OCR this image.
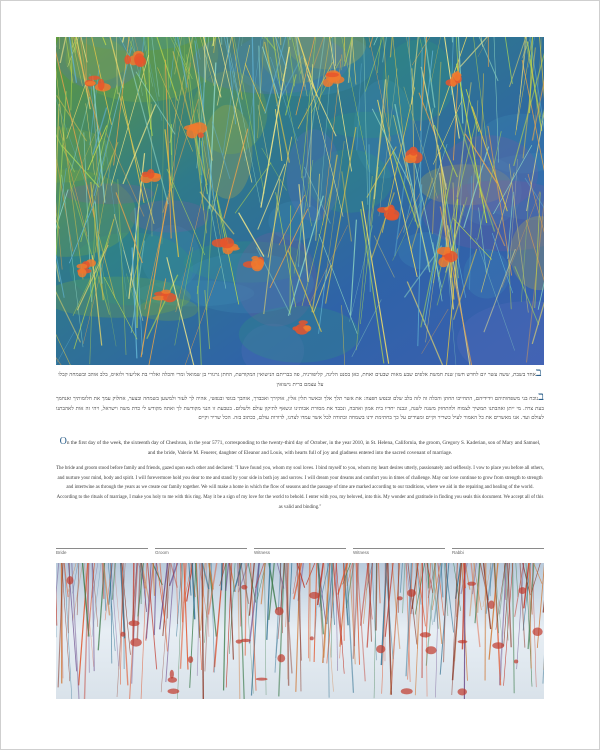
באחד בשבת, ששה עשר יום לחדש חשון שנת חמשת אלפים שבע מאות שבעים ואחת, כאן בסנט הלינה, קליפורניה, פה בבריתם הנישואין המקודשת, החתן גרגורי בן שמואל ומרי והכלה ואלרי בת אליעזר ולואיס, בלב אוהב ובשמחה קבלו על עצמם ברית נישואין

בנוכח בני משפחותיהם וידידיהם, התחייבו החתן והכלה זה לזה בלב שלם ובנפש חפצה: את אשר תלך אלך ובאשר תלין אלין, אוקירך ואכבדך, אוהבך בגופי ובנפשי, אהיה לך לעזר ולמשען בשמחה ובצער, אחלוק עמך את חלומותיך ואנחמך בעת צרה. מי ייתן ואהבתנו תמשיך לצמוח ולהתחזק משנה לשנה, ונבנה יחדיו בית אמון ואהבה, ונכבד את מסורת אבותינו ונשאף לתיקון עולם ולשלום. בטבעת זו הנני מקודשת לך ואתה מקודש לי כדת משה וישראל, ויהי זה אות לאהבתנו לעולם ועד. אנו מאשרים את כל האמור לעיל כשריר וקיים ומעידים על כך בחתימת ידנו בשמחה ובתודה לכל אשר עמדו לצדנו, לדורות עולם, ככתוב בזה. הכל שריר וקיים

On the first day of the week, the sixteenth day of Cheshvan, in the year 5771, corresponding to the twenty-third day of October, in the year 2010, in St. Helena, California, the groom, Gregory S. Kaderian, son of Mary and Samuel, and the bride, Valerie M. Feuerer, daughter of Eleanor and Louis, with hearts full of joy and gladness entered into the sacred covenant of marriage.

The bride and groom stood before family and friends, gazed upon each other and declared: "I have found you, whom my soul loves. I bind myself to you, whom my heart desires utterly, passionately and selflessly. I vow to place you before all others, and nurture your mind, body and spirit. I will forevermore hold you dear to me and stand by your side in both joy and sorrow. I will dream your dreams and comfort you in times of challenge. May our love continue to grow from strength to strength and intertwine as through the years as we create our family together. We will make a home in which the flow of seasons and the passage of time are marked according to our traditions, where we aid in the repairing and healing of the world. According to the rituals of marriage, I make you holy to me with this ring. May it be a sign of my love for the world to behold. I enter with you, my beloved, into this. My wonder and gratitude in finding you seals this document. We accept all of this as valid and binding."

Bride	Groom	Witness	Witness	Rabbi
